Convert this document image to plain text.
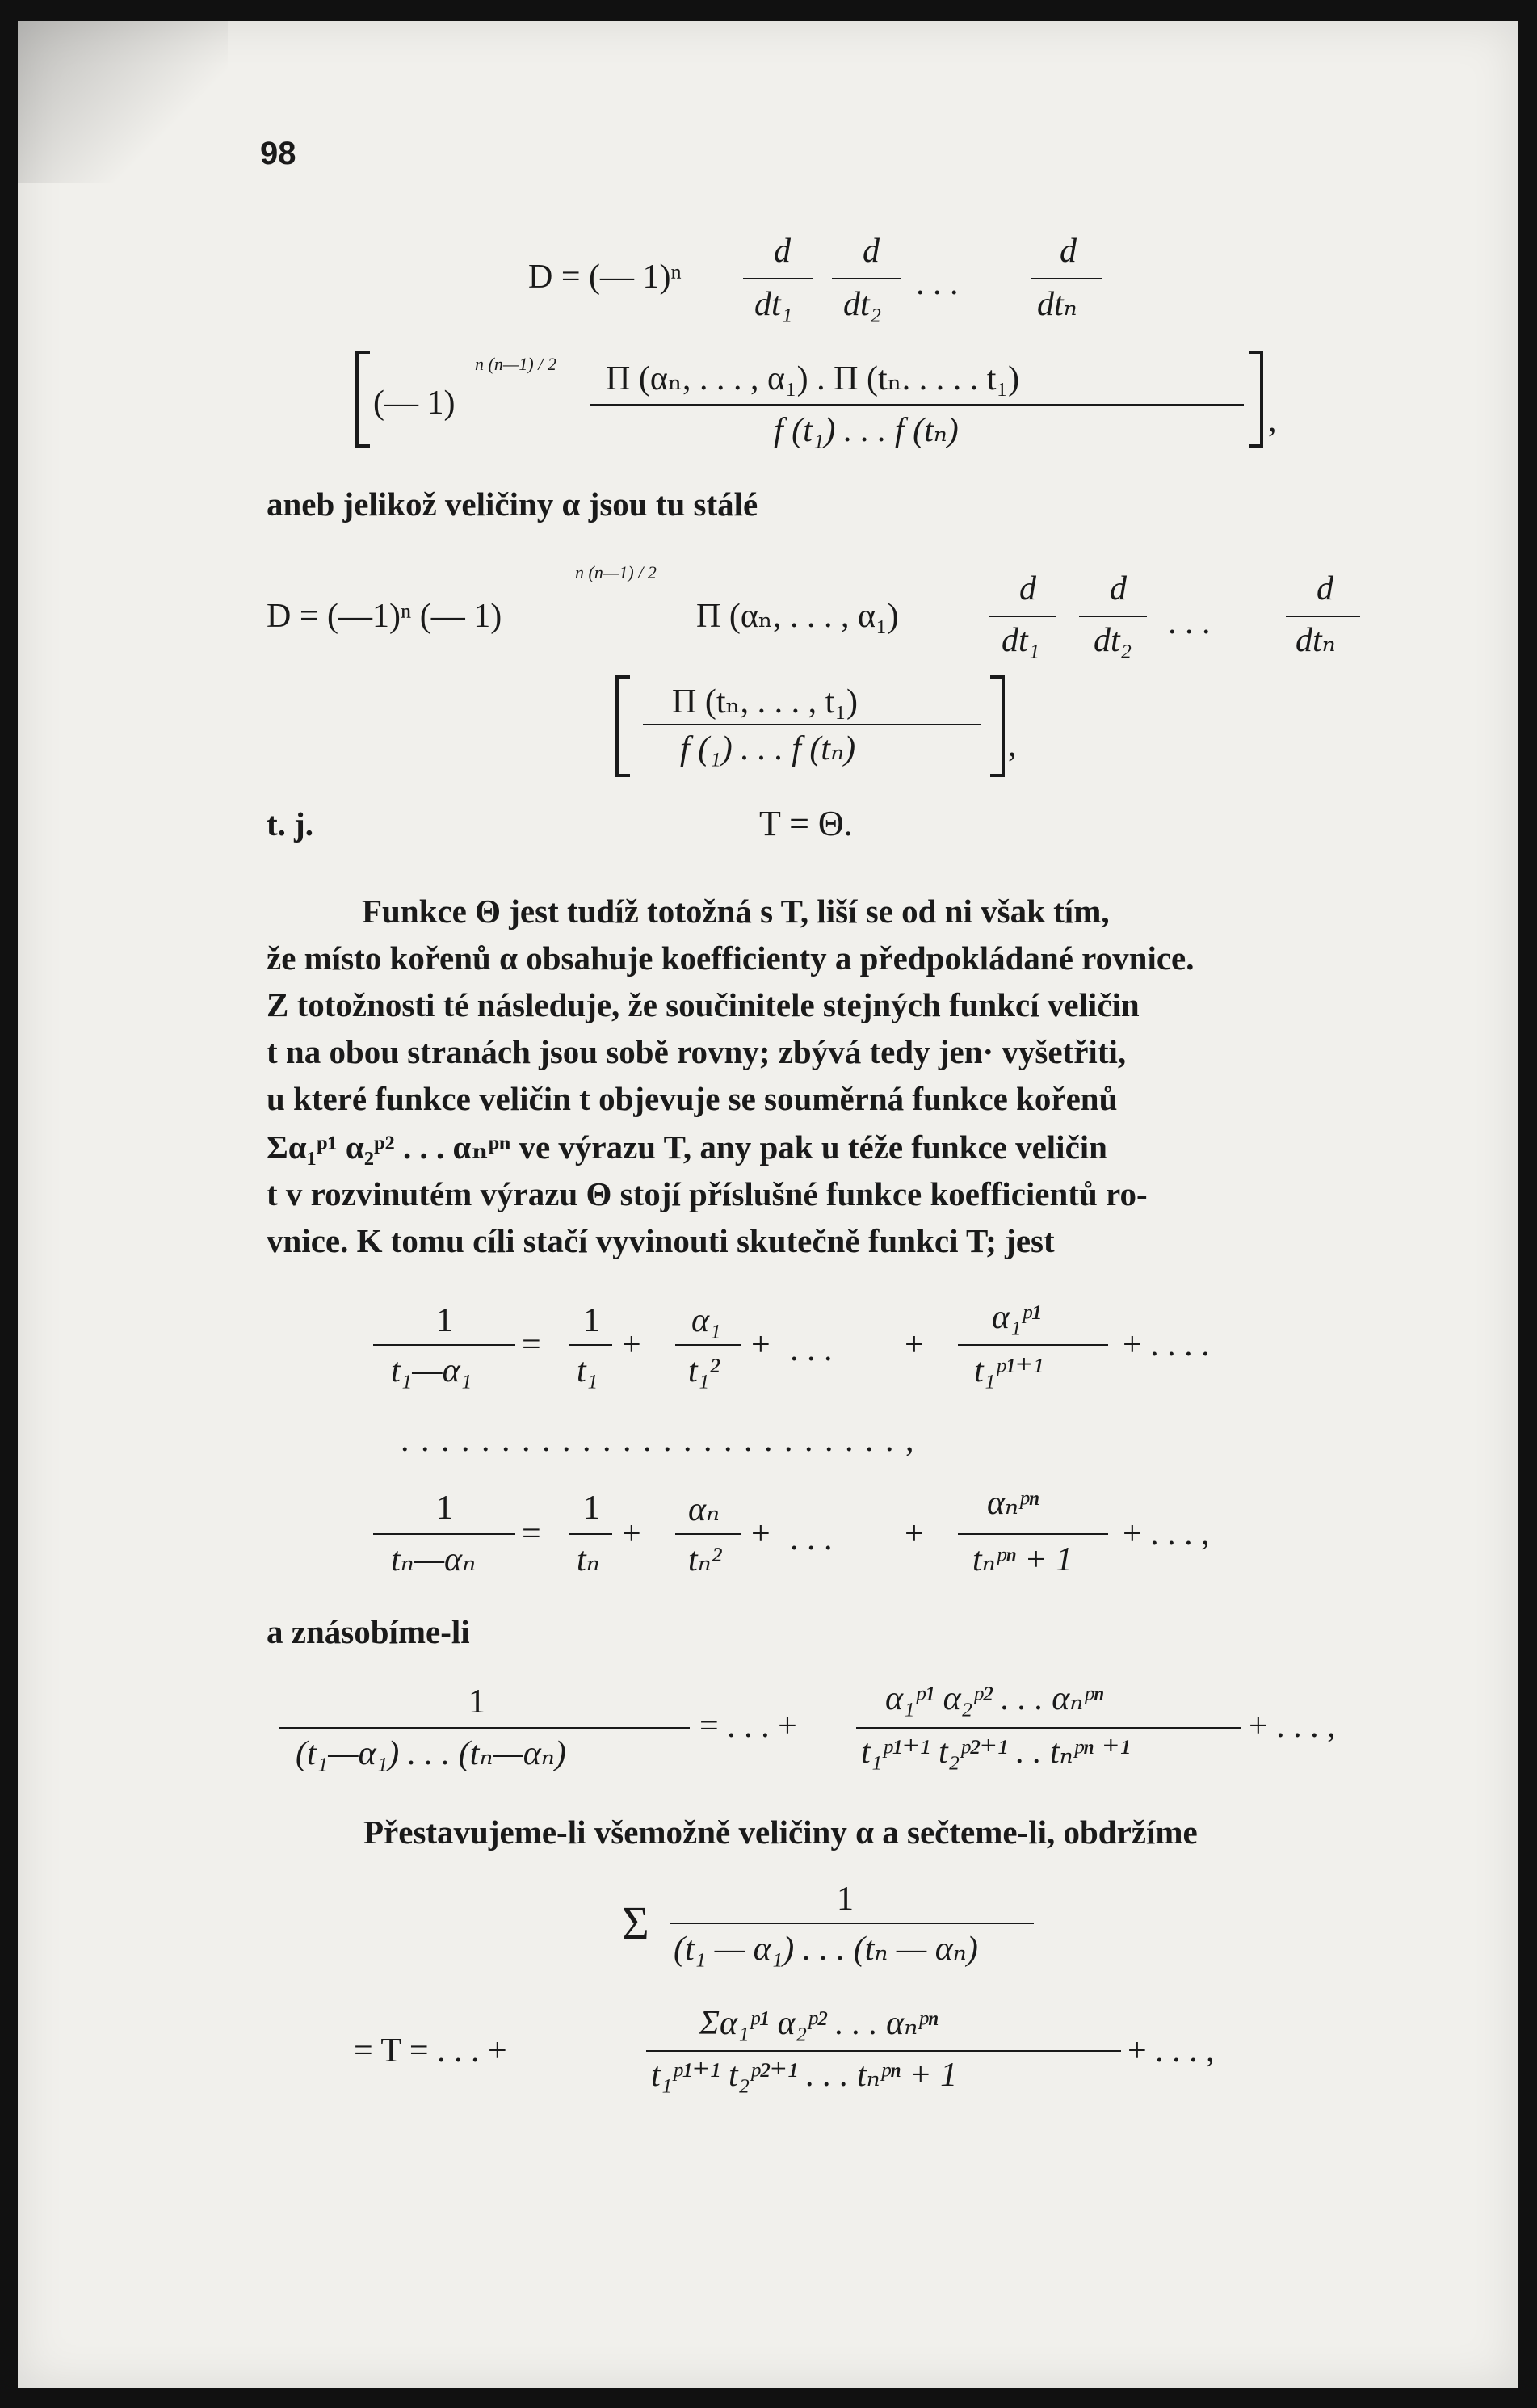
98
D = (— 1)ⁿ
d
dt₁
d
dt₂
. . .
d
dtₙ
(— 1)
n (n—1) / 2 Π (αₙ, . . . , α₁) . Π (tₙ. . . . . t₁)
f (t₁) . . . f (tₙ)	,
aneb jelikož veličiny α jsou tu stálé
D = (—1)ⁿ (— 1)
n (n—1) / 2
Π (αₙ, . . . , α₁)
d
dt₁
d
dt₂ . . .
d
dtₙ
Π (tₙ, . . . , t₁)
f (₁) . . . f (tₙ)	,
t. j.	T = Θ.
Funkce Θ jest tudíž totožná s T, liší se od ni však tím,
že místo kořenů α obsahuje koefficienty a předpokládané rovnice.
Z totožnosti té následuje, že součinitele stejných funkcí veličin
t na obou stranách jsou sobě rovny; zbývá tedy jen· vyšetřiti,
u které funkce veličin t objevuje se souměrná funkce kořenů
Σα₁ᵖ¹ α₂ᵖ² . . . αₙᵖⁿ ve výrazu T, any pak u téže funkce veličin
t v rozvinutém výrazu Θ stojí příslušné funkce koefficientů ro-
vnice. K tomu cíli stačí vyvinouti skutečně funkci T; jest
1
t₁—α₁
=
1
t₁
+
α₁
t₁²
+ . . . +
α₁ᵖ¹
t₁ᵖ¹⁺¹
+ . . . .
. . . . . . . . . . . . . . . . . . . . . . . . . ,
1
tₙ—αₙ
=
1
tₙ
+
αₙ
tₙ²
+ . . . +
αₙᵖⁿ
tₙᵖⁿ + 1
+ . . . ,
a znásobíme-li
1
(t₁—α₁) . . . (tₙ—αₙ)
= . . . +
α₁ᵖ¹ α₂ᵖ² . . . αₙᵖⁿ
t₁ᵖ¹⁺¹ t₂ᵖ²⁺¹ . . tₙᵖⁿ ⁺¹
+ . . . ,
Přestavujeme-li všemožně veličiny α a sečteme-li, obdržíme
Σ	1
(t₁ — α₁) . . . (tₙ — αₙ)
= T = . . . +
Σα₁ᵖ¹ α₂ᵖ² . . . αₙᵖⁿ
t₁ᵖ¹⁺¹ t₂ᵖ²⁺¹ . . . tₙᵖⁿ + 1
+ . . . ,
